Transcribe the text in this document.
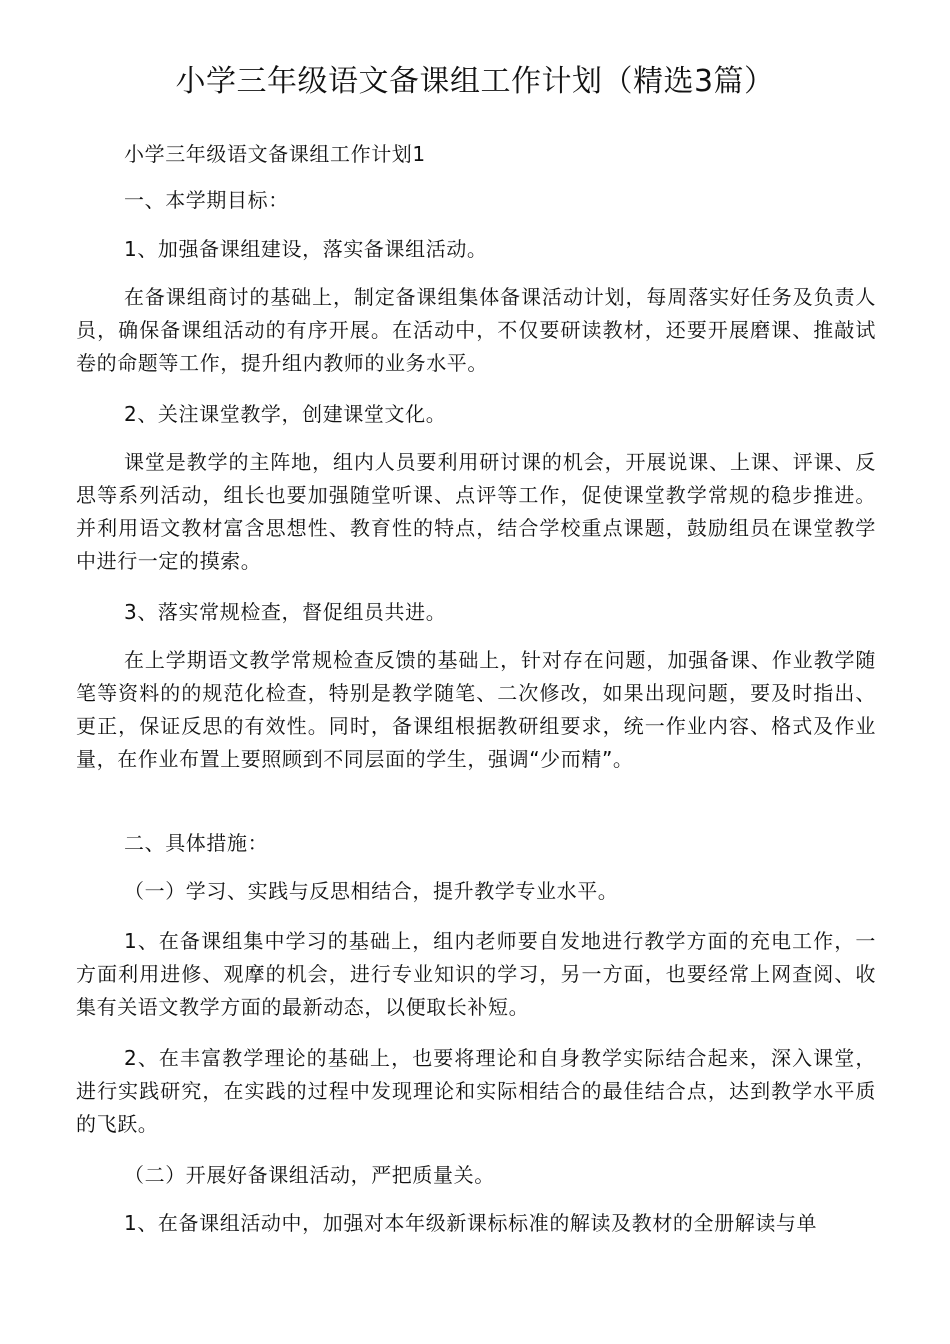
小学三年级语文备课组工作计划（精选3篇）
小学三年级语文备课组工作计划1
一、本学期目标：
1、加强备课组建设，落实备课组活动。
在备课组商讨的基础上，制定备课组集体备课活动计划，每周落实好任务及负责人员，确保备课组活动的有序开展。在活动中，不仅要研读教材，还要开展磨课、推敲试卷的命题等工作，提升组内教师的业务水平。
2、关注课堂教学，创建课堂文化。
课堂是教学的主阵地，组内人员要利用研讨课的机会，开展说课、上课、评课、反思等系列活动，组长也要加强随堂听课、点评等工作，促使课堂教学常规的稳步推进。并利用语文教材富含思想性、教育性的特点，结合学校重点课题，鼓励组员在课堂教学中进行一定的摸索。
3、落实常规检查，督促组员共进。
在上学期语文教学常规检查反馈的基础上，针对存在问题，加强备课、作业教学随笔等资料的的规范化检查，特别是教学随笔、二次修改，如果出现问题，要及时指出、更正，保证反思的有效性。同时，备课组根据教研组要求，统一作业内容、格式及作业量，在作业布置上要照顾到不同层面的学生，强调“少而精”。
二、具体措施：
（一）学习、实践与反思相结合，提升教学专业水平。
1、在备课组集中学习的基础上，组内老师要自发地进行教学方面的充电工作，一方面利用进修、观摩的机会，进行专业知识的学习，另一方面，也要经常上网查阅、收集有关语文教学方面的最新动态，以便取长补短。
2、在丰富教学理论的基础上，也要将理论和自身教学实际结合起来，深入课堂，进行实践研究，在实践的过程中发现理论和实际相结合的最佳结合点，达到教学水平质的飞跃。
（二）开展好备课组活动，严把质量关。
1、在备课组活动中，加强对本年级新课标标准的解读及教材的全册解读与单
